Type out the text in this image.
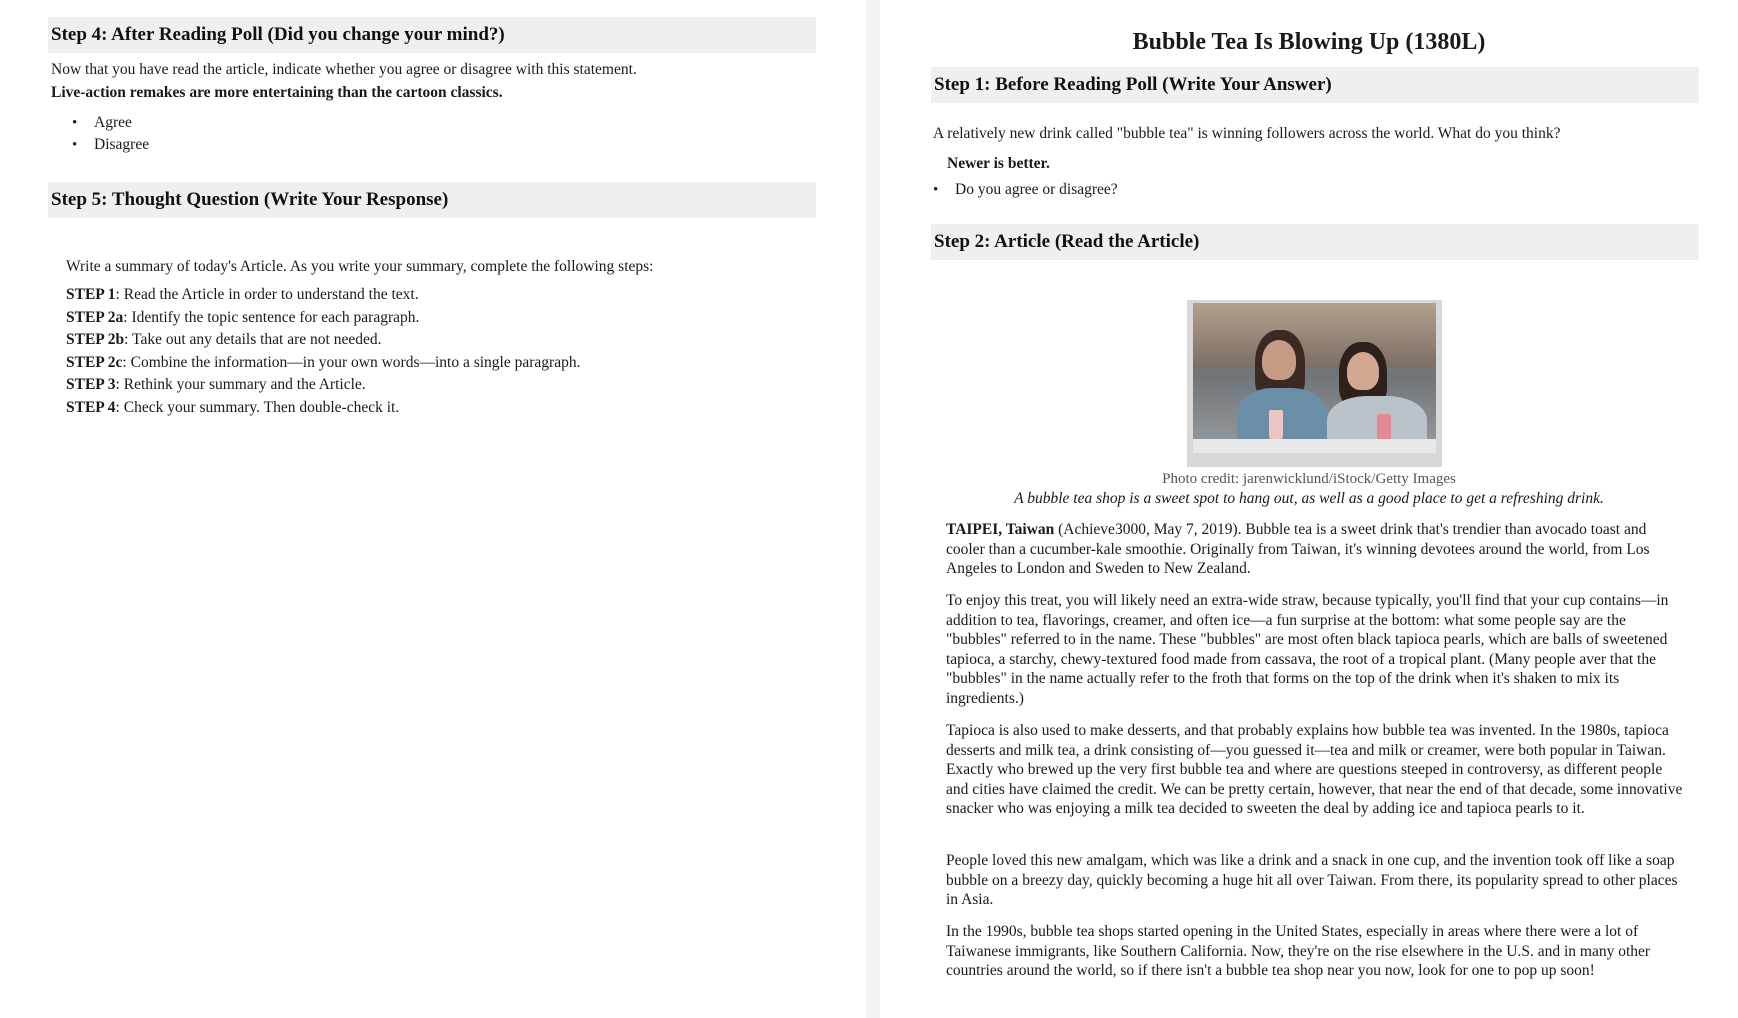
Step 4: After Reading Poll (Did you change your mind?)
Now that you have read the article, indicate whether you agree or disagree with this statement.
Live-action remakes are more entertaining than the cartoon classics.
• Agree
• Disagree
Step 5: Thought Question (Write Your Response)
Write a summary of today's Article. As you write your summary, complete the following steps:
STEP 1: Read the Article in order to understand the text.
STEP 2a: Identify the topic sentence for each paragraph.
STEP 2b: Take out any details that are not needed.
STEP 2c: Combine the information—in your own words—into a single paragraph.
STEP 3: Rethink your summary and the Article.
STEP 4: Check your summary. Then double-check it.
Bubble Tea Is Blowing Up (1380L)
Step 1: Before Reading Poll (Write Your Answer)
A relatively new drink called "bubble tea" is winning followers across the world. What do you think?
Newer is better.
• Do you agree or disagree?
Step 2: Article (Read the Article)
Photo credit: jarenwicklund/iStock/Getty Images
A bubble tea shop is a sweet spot to hang out, as well as a good place to get a refreshing drink.
TAIPEI, Taiwan (Achieve3000, May 7, 2019). Bubble tea is a sweet drink that's trendier than avocado toast and cooler than a cucumber-kale smoothie. Originally from Taiwan, it's winning devotees around the world, from Los Angeles to London and Sweden to New Zealand.
To enjoy this treat, you will likely need an extra-wide straw, because typically, you'll find that your cup contains—in addition to tea, flavorings, creamer, and often ice—a fun surprise at the bottom: what some people say are the "bubbles" referred to in the name. These "bubbles" are most often black tapioca pearls, which are balls of sweetened tapioca, a starchy, chewy-textured food made from cassava, the root of a tropical plant. (Many people aver that the "bubbles" in the name actually refer to the froth that forms on the top of the drink when it's shaken to mix its ingredients.)
Tapioca is also used to make desserts, and that probably explains how bubble tea was invented. In the 1980s, tapioca desserts and milk tea, a drink consisting of—you guessed it—tea and milk or creamer, were both popular in Taiwan. Exactly who brewed up the very first bubble tea and where are questions steeped in controversy, as different people and cities have claimed the credit. We can be pretty certain, however, that near the end of that decade, some innovative snacker who was enjoying a milk tea decided to sweeten the deal by adding ice and tapioca pearls to it.
People loved this new amalgam, which was like a drink and a snack in one cup, and the invention took off like a soap bubble on a breezy day, quickly becoming a huge hit all over Taiwan. From there, its popularity spread to other places in Asia.
In the 1990s, bubble tea shops started opening in the United States, especially in areas where there were a lot of Taiwanese immigrants, like Southern California. Now, they're on the rise elsewhere in the U.S. and in many other countries around the world, so if there isn't a bubble tea shop near you now, look for one to pop up soon!
